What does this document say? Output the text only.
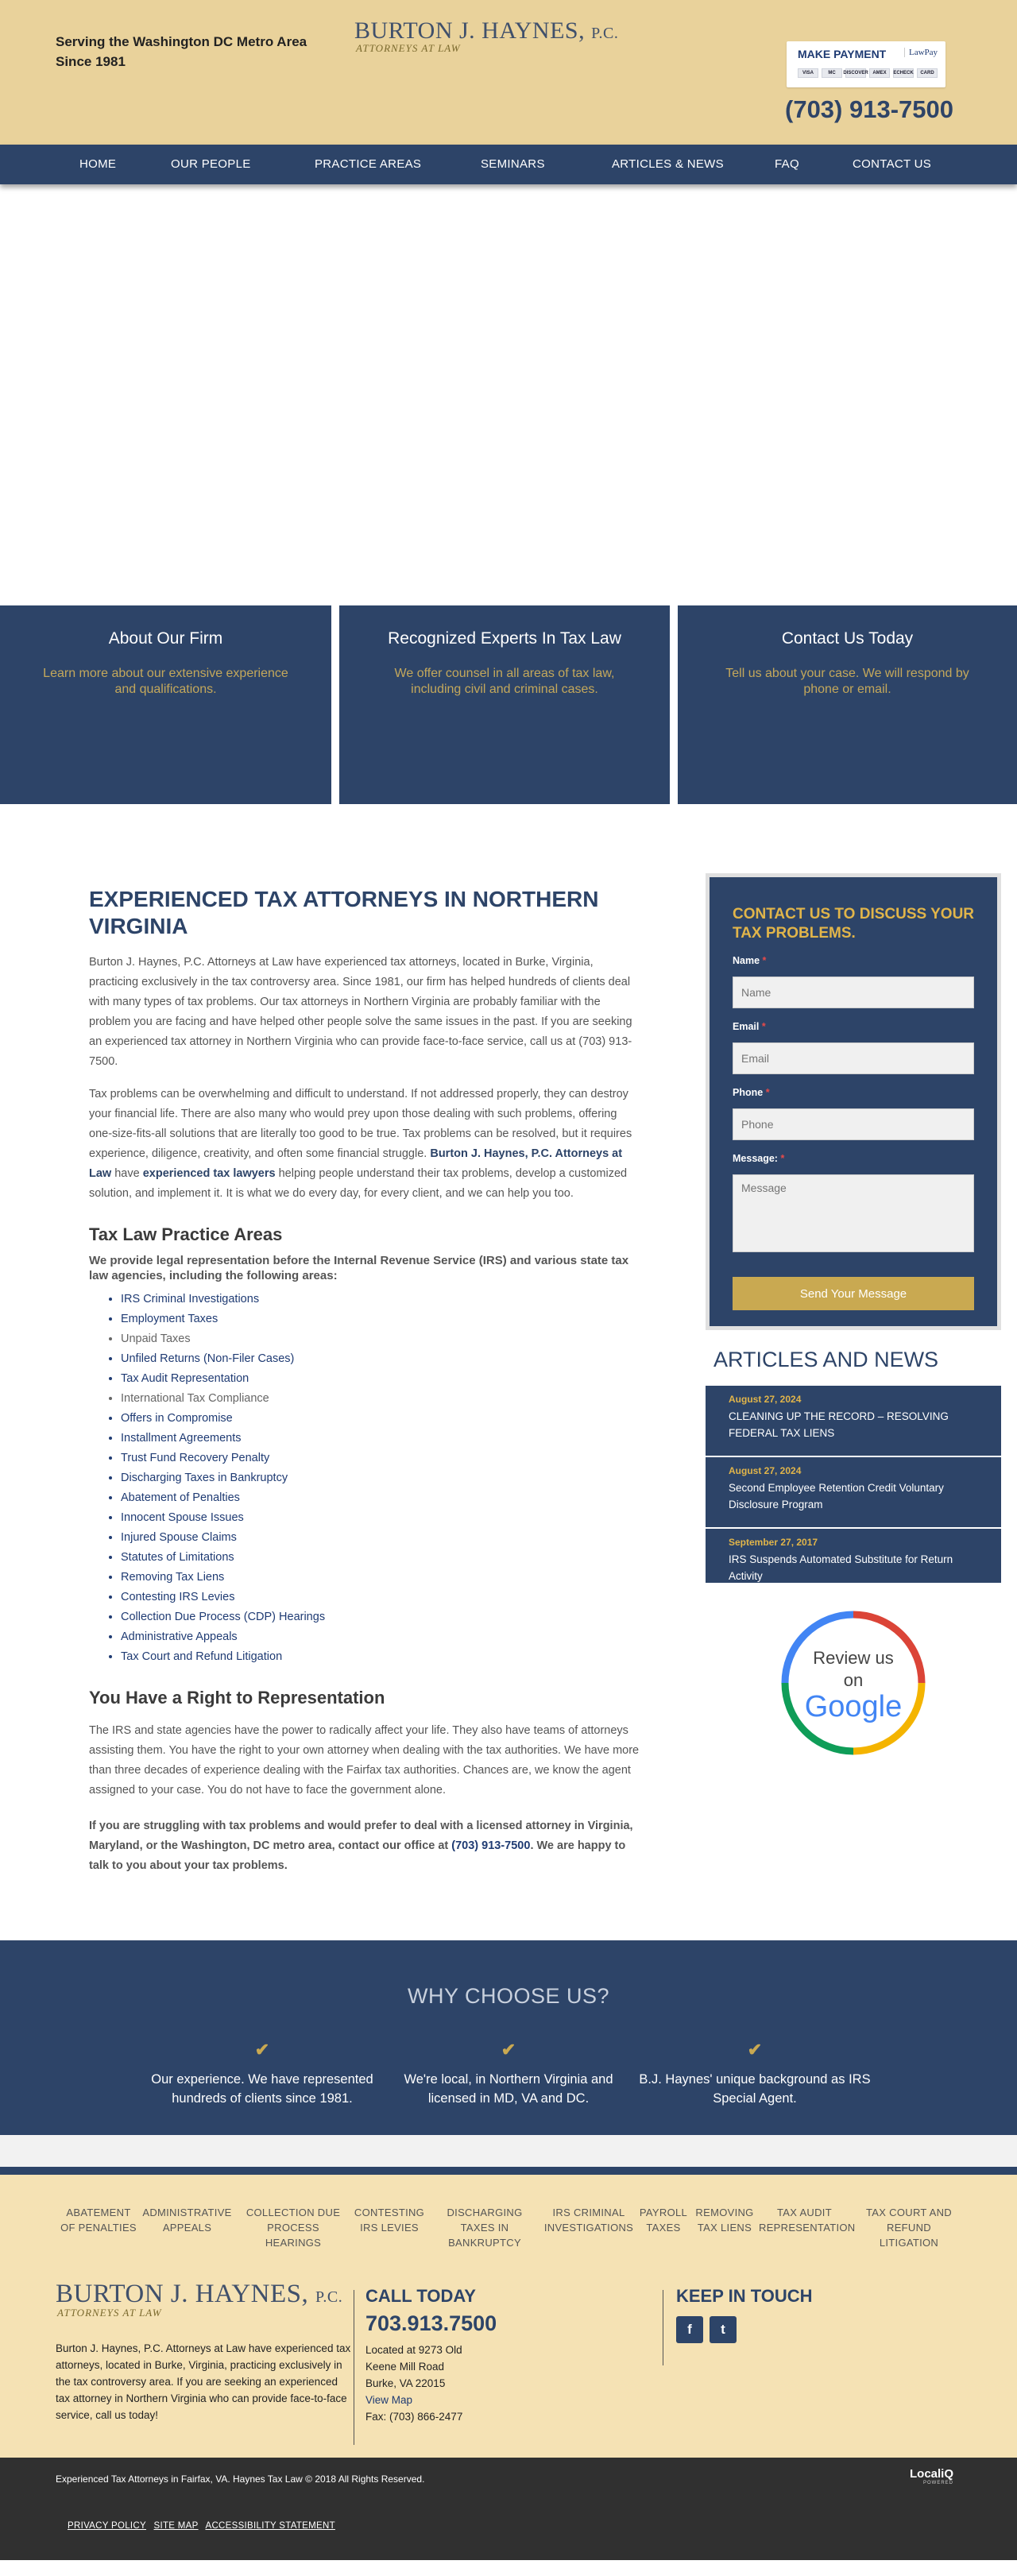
Serving the Washington DC Metro Area Since 1981
BURTON J. HAYNES, P.C.
ATTORNEYS AT LAW	MAKE PAYMENT	LawPay
VISA	MC	DISCOVER AMEX	ECHECK	CARD
(703) 913-7500
HOME	OUR PEOPLE	PRACTICE AREAS	SEMINARS	ARTICLES & NEWS	FAQ	CONTACT US
About Our Firm
Learn more about our extensive experience and qualifications.
Recognized Experts In Tax Law
We offer counsel in all areas of tax law, including civil and criminal cases.
Contact Us Today
Tell us about your case. We will respond by phone or email.
EXPERIENCED TAX ATTORNEYS IN NORTHERN VIRGINIA

Burton J. Haynes, P.C. Attorneys at Law have experienced tax attorneys, located in Burke, Virginia, practicing exclusively in the tax controversy area. Since 1981, our firm has helped hundreds of clients deal with many types of tax problems. Our tax attorneys in Northern Virginia are probably familiar with the problem you are facing and have helped other people solve the same issues in the past. If you are seeking an experienced tax attorney in Northern Virginia who can provide face-to-face service, call us at (703) 913-7500.

Tax problems can be overwhelming and difficult to understand. If not addressed properly, they can destroy your financial life. There are also many who would prey upon those dealing with such problems, offering one-size-fits-all solutions that are literally too good to be true. Tax problems can be resolved, but it requires experience, diligence, creativity, and often some financial struggle. Burton J. Haynes, P.C. Attorneys at Law have experienced tax lawyers helping people understand their tax problems, develop a customized solution, and implement it. It is what we do every day, for every client, and we can help you too.

Tax Law Practice Areas

We provide legal representation before the Internal Revenue Service (IRS) and various state tax law agencies, including the following areas:

• IRS Criminal Investigations
• Employment Taxes
• Unpaid Taxes
• Unfiled Returns (Non-Filer Cases)
• Tax Audit Representation
• International Tax Compliance
• Offers in Compromise
• Installment Agreements
• Trust Fund Recovery Penalty
• Discharging Taxes in Bankruptcy
• Abatement of Penalties
• Innocent Spouse Issues
• Injured Spouse Claims
• Statutes of Limitations
• Removing Tax Liens
• Contesting IRS Levies
• Collection Due Process (CDP) Hearings
• Administrative Appeals
• Tax Court and Refund Litigation
You Have a Right to Representation

The IRS and state agencies have the power to radically affect your life. They also have teams of attorneys assisting them. You have the right to your own attorney when dealing with the tax authorities. We have more than three decades of experience dealing with the Fairfax tax authorities. Chances are, we know the agent assigned to your case. You do not have to face the government alone.

If you are struggling with tax problems and would prefer to deal with a licensed attorney in Virginia, Maryland, or the Washington, DC metro area, contact our office at (703) 913-7500. We are happy to talk to you about your tax problems.

CONTACT US TO DISCUSS YOUR TAX PROBLEMS.
Name *
Name
Email *
Email
Phone *
Phone
Message: *
Message
Send Your Message
ARTICLES AND NEWS
August 27, 2024
CLEANING UP THE RECORD – RESOLVING FEDERAL TAX LIENS
August 27, 2024
Second Employee Retention Credit Voluntary Disclosure Program
September 27, 2017
IRS Suspends Automated Substitute for Return Activity
Review us
on
Google
WHY CHOOSE US?
✔
Our experience. We have represented hundreds of clients since 1981.
✔
We're local, in Northern Virginia and licensed in MD, VA and DC.
✔
B.J. Haynes' unique background as IRS Special Agent.
ABATEMENT OF PENALTIES
ADMINISTRATIVE APPEALS
COLLECTION DUE PROCESS HEARINGS
CONTESTING IRS LEVIES
DISCHARGING TAXES IN BANKRUPTCY
IRS CRIMINAL INVESTIGATIONS
PAYROLL TAXES
REMOVING TAX LIENS
TAX AUDIT REPRESENTATION
TAX COURT AND REFUND LITIGATION
BURTON J. HAYNES, P.C.
ATTORNEYS AT LAW
Burton J. Haynes, P.C. Attorneys at Law have experienced tax attorneys, located in Burke, Virginia, practicing exclusively in the tax controversy area. If you are seeking an experienced tax attorney in Northern Virginia who can provide face-to-face service, call us today!
CALL TODAY
703.913.7500
Located at 9273 Old
Keene Mill Road
Burke, VA 22015
View Map
Fax: (703) 866-2477
KEEP IN TOUCH
f	t
Experienced Tax Attorneys in Fairfax, VA. Haynes Tax Law © 2018 All Rights Reserved.	LocaliQ
POWERED
PRIVACY POLICY SITE MAP ACCESSIBILITY STATEMENT
